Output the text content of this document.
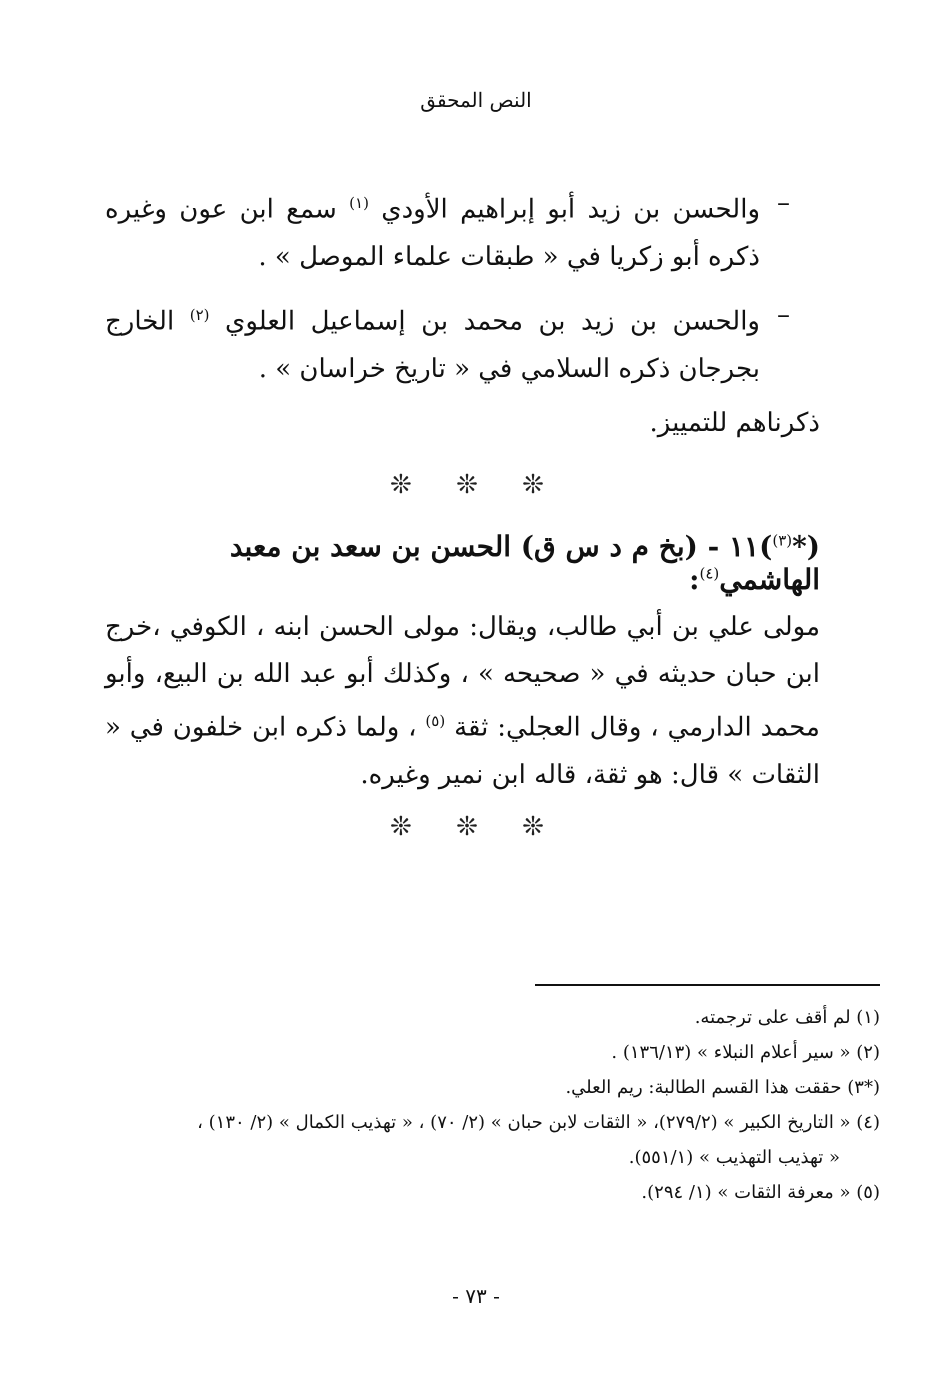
النص المحقق
–
والحسن بن زيد أبو إبراهيم الأودي $^{(١)}$ سمع ابن عون وغيره ذكره أبو زكريا في « طبقات علماء الموصل » .
–
والحسن بن زيد بن محمد بن إسماعيل العلوي $^{(٢)}$ الخارج بجرجان ذكره السلامي في « تاريخ خراسان » .
ذكرناهم للتمييز.
❊ ❊ ❊
(*$^{(٣)}$)١١ - (بخ م د س ق) الحسن بن سعد بن معبد الهاشمي$^{(٤)}$:
مولى علي بن أبي طالب، ويقال: مولى الحسن ابنه ، الكوفي ،خرج ابن حبان حديثه في « صحيحه » ، وكذلك أبو عبد الله بن البيع، وأبو محمد الدارمي ، وقال العجلي: ثقة $^{(٥)}$ ، ولما ذكره ابن خلفون في « الثقات » قال: هو ثقة، قاله ابن نمير وغيره.
❊ ❊ ❊

(١) لم أقف على ترجمته.

(٢) « سير أعلام النبلاء » (١٣٦/١٣) .

(*٣) حققت هذا القسم الطالبة: ريم العلي.

(٤) « التاريخ الكبير » (٢٧٩/٢)، « الثقات لابن حبان » (٢/ ٧٠) ، « تهذيب الكمال » (٢/ ١٣٠) ،
« تهذيب التهذيب » (٥٥١/١).

(٥) « معرفة الثقات » (١/ ٢٩٤).

- ٧٣ -
